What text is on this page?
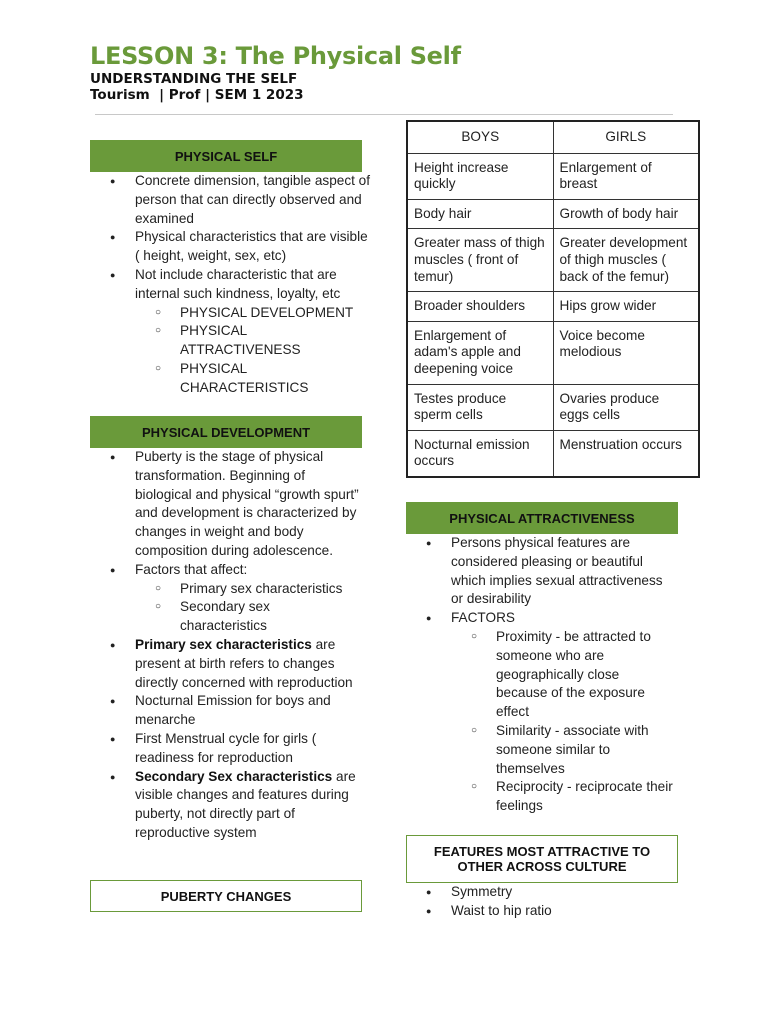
LESSON 3: The Physical Self
UNDERSTANDING THE SELF
Tourism  | Prof | SEM 1 2023
PHYSICAL SELF
● Concrete dimension, tangible aspect of person that can directly observed and examined
● Physical characteristics that are visible ( height, weight, sex, etc)
● Not include characteristic that are internal such kindness, loyalty, etc
○ PHYSICAL DEVELOPMENT
○ PHYSICAL ATTRACTIVENESS
○ PHYSICAL CHARACTERISTICS
PHYSICAL DEVELOPMENT
● Puberty is the stage of physical transformation. Beginning of biological and physical “growth spurt” and development is characterized by changes in weight and body composition during adolescence.
● Factors that affect:
○ Primary sex characteristics
○ Secondary sex characteristics
● Primary sex characteristics are present at birth refers to changes directly concerned with reproduction
● Nocturnal Emission for boys and menarche
● First Menstrual cycle for girls ( readiness for reproduction
● Secondary Sex characteristics are visible changes and features during puberty, not directly part of reproductive system
PUBERTY CHANGES
BOYS	GIRLS
Height increase quickly	Enlargement of breast
Body hair	Growth of body hair
Greater mass of thigh muscles ( front of temur)	Greater development of thigh muscles ( back of the femur)
Broader shoulders	Hips grow wider
Enlargement of adam's apple and deepening voice	Voice become melodious
Testes produce sperm cells	Ovaries produce eggs cells
Nocturnal emission occurs	Menstruation occurs
PHYSICAL ATTRACTIVENESS
● Persons physical features are considered pleasing or beautiful which implies sexual attractiveness or desirability
● FACTORS
○ Proximity - be attracted to someone who are geographically close because of the exposure effect
○ Similarity - associate with someone similar to themselves
○ Reciprocity - reciprocate their feelings
FEATURES MOST ATTRACTIVE TO OTHER ACROSS CULTURE
● Symmetry
● Waist to hip ratio
